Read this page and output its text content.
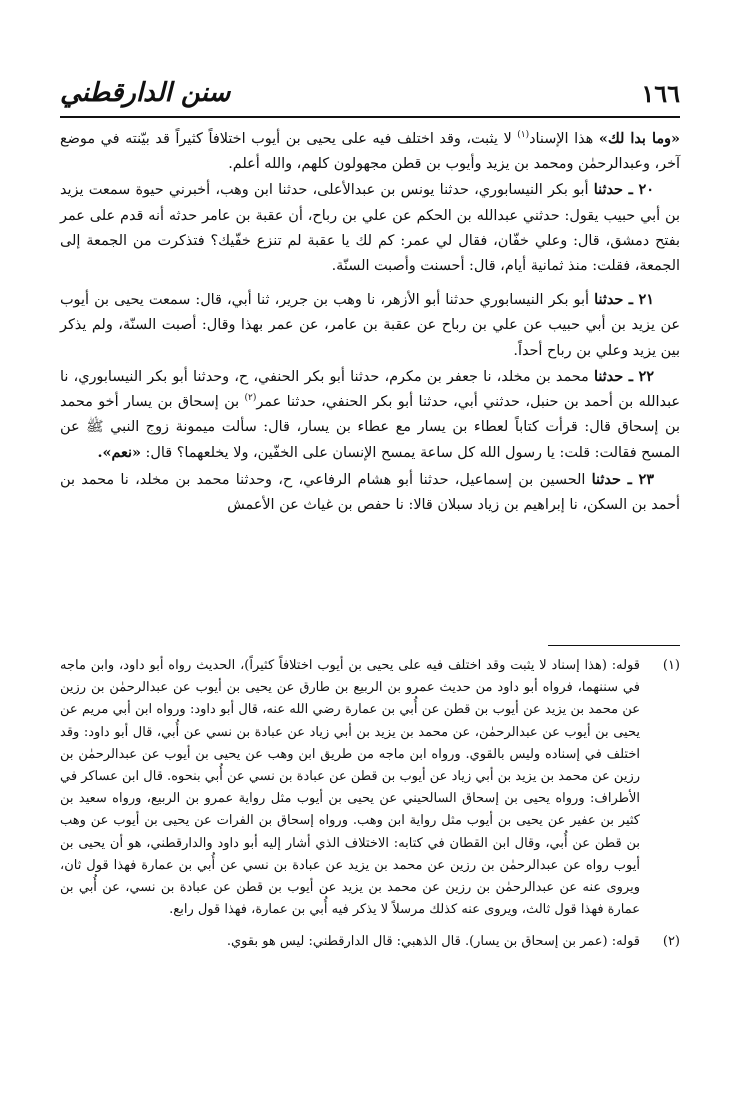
١٦٦
سنن الدارقطني

«وما بدا لك» هذا الإسناد$^{(١)}$ لا يثبت، وقد اختلف فيه على يحيى بن أيوب اختلافاً كثيراً قد بيّنته في موضع آخر، وعبدالرحمٰن ومحمد بن يزيد وأيوب بن قطن مجهولون كلهم، والله أعلم.

٢٠ ـ حدثنا أبو بكر النيسابوري، حدثنا يونس بن عبدالأعلى، حدثنا ابن وهب، أخبرني حيوة سمعت يزيد بن أبي حبيب يقول: حدثني عبدالله بن الحكم عن علي بن رباح، أن عقبة بن عامر حدثه أنه قدم على عمر بفتح دمشق، قال: وعلي خفّان، فقال لي عمر: كم لك يا عقبة لم تنزع خفّيك؟ فتذكرت من الجمعة إلى الجمعة، فقلت: منذ ثمانية أيام، قال: أحسنت وأصبت السنّة.

٢١ ـ حدثنا أبو بكر النيسابوري حدثنا أبو الأزهر، نا وهب بن جرير، ثنا أبي، قال: سمعت يحيى بن أيوب عن يزيد بن أبي حبيب عن علي بن رباح عن عقبة بن عامر، عن عمر بهذا وقال: أصبت السنّة، ولم يذكر بين يزيد وعلي بن رباح أحداً.

٢٢ ـ حدثنا محمد بن مخلد، نا جعفر بن مكرم، حدثنا أبو بكر الحنفي، ح، وحدثنا أبو بكر النيسابوري، نا عبدالله بن أحمد بن حنبل، حدثني أبي، حدثنا أبو بكر الحنفي، حدثنا عمر$^{(٢)}$ بن إسحاق بن يسار أخو محمد بن إسحاق قال: قرأت كتاباً لعطاء بن يسار مع عطاء بن يسار، قال: سألت ميمونة زوج النبي ﷺ عن المسح فقالت: قلت: يا رسول الله كل ساعة يمسح الإنسان على الخفّين، ولا يخلعهما؟ قال: «نعم».

٢٣ ـ حدثنا الحسين بن إسماعيل، حدثنا أبو هشام الرفاعي، ح، وحدثنا محمد بن مخلد، نا محمد بن أحمد بن السكن، نا إبراهيم بن زياد سبلان قالا: نا حفص بن غياث عن الأعمش

(١)

قوله: (هذا إسناد لا يثبت وقد اختلف فيه على يحيى بن أيوب اختلافاً كثيراً)، الحديث رواه أبو داود، وابن ماجه في سننهما، فرواه أبو داود من حديث عمرو بن الربيع بن طارق عن يحيى بن أيوب عن عبدالرحمٰن بن رزين عن محمد بن يزيد عن أيوب بن قطن عن أُبي بن عمارة رضي الله عنه، قال أبو داود: ورواه ابن أبي مريم عن يحيى بن أيوب عن عبدالرحمٰن، عن محمد بن يزيد بن أبي زياد عن عبادة بن نسي عن أُبي، قال أبو داود: وقد اختلف في إسناده وليس بالقوي. ورواه ابن ماجه من طريق ابن وهب عن يحيى بن أيوب عن عبدالرحمٰن بن رزين عن محمد بن يزيد بن أبي زياد عن أيوب بن قطن عن عبادة بن نسي عن أُبي بنحوه. قال ابن عساكر في الأطراف: ورواه يحيى بن إسحاق السالحيني عن يحيى بن أيوب مثل رواية عمرو بن الربيع، ورواه سعيد بن كثير بن عفير عن يحيى بن أيوب مثل رواية ابن وهب. ورواه إسحاق بن الفرات عن يحيى بن أيوب عن وهب بن قطن عن أُبي، وقال ابن القطان في كتابه: الاختلاف الذي أشار إليه أبو داود والدارقطني، هو أن يحيى بن أيوب رواه عن عبدالرحمٰن بن رزين عن محمد بن يزيد عن عبادة بن نسي عن أُبي بن عمارة فهذا قول ثان، ويروى عنه عن عبدالرحمٰن بن رزين عن محمد بن يزيد عن أيوب بن قطن عن عبادة بن نسي، عن أُبي بن عمارة فهذا قول ثالث، ويروى عنه كذلك مرسلاً لا يذكر فيه أُبي بن عمارة، فهذا قول رابع.

(٢)

قوله: (عمر بن إسحاق بن يسار). قال الذهبي: قال الدارقطني: ليس هو بقوي.
